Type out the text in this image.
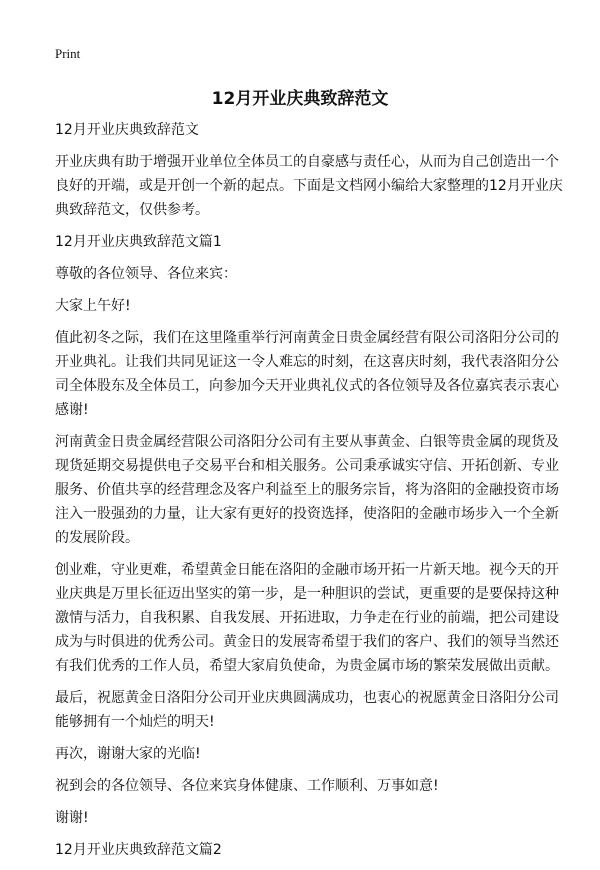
Print
12月开业庆典致辞范文

12月开业庆典致辞范文

开业庆典有助于增强开业单位全体员工的自豪感与责任心，从而为自己创造出一个
良好的开端，或是开创一个新的起点。下面是文档网小编给大家整理的12月开业庆
典致辞范文，仅供参考。

12月开业庆典致辞范文篇1

尊敬的各位领导、各位来宾：

大家上午好!

值此初冬之际，我们在这里隆重举行河南黄金日贵金属经营有限公司洛阳分公司的
开业典礼。让我们共同见证这一令人难忘的时刻，在这喜庆时刻，我代表洛阳分公
司全体股东及全体员工，向参加今天开业典礼仪式的各位领导及各位嘉宾表示衷心
感谢!

河南黄金日贵金属经营限公司洛阳分公司有主要从事黄金、白银等贵金属的现货及
现货延期交易提供电子交易平台和相关服务。公司秉承诚实守信、开拓创新、专业
服务、价值共享的经营理念及客户利益至上的服务宗旨，将为洛阳的金融投资市场
注入一股强劲的力量，让大家有更好的投资选择，使洛阳的金融市场步入一个全新
的发展阶段。

创业难，守业更难，希望黄金日能在洛阳的金融市场开拓一片新天地。视今天的开
业庆典是万里长征迈出坚实的第一步，是一种胆识的尝试，更重要的是要保持这种
激情与活力，自我积累、自我发展、开拓进取，力争走在行业的前端，把公司建设
成为与时俱进的优秀公司。黄金日的发展寄希望于我们的客户、我们的领导当然还
有我们优秀的工作人员，希望大家肩负使命，为贵金属市场的繁荣发展做出贡献。

最后，祝愿黄金日洛阳分公司开业庆典圆满成功，也衷心的祝愿黄金日洛阳分公司
能够拥有一个灿烂的明天!

再次，谢谢大家的光临!

祝到会的各位领导、各位来宾身体健康、工作顺利、万事如意!

谢谢!

12月开业庆典致辞范文篇2
